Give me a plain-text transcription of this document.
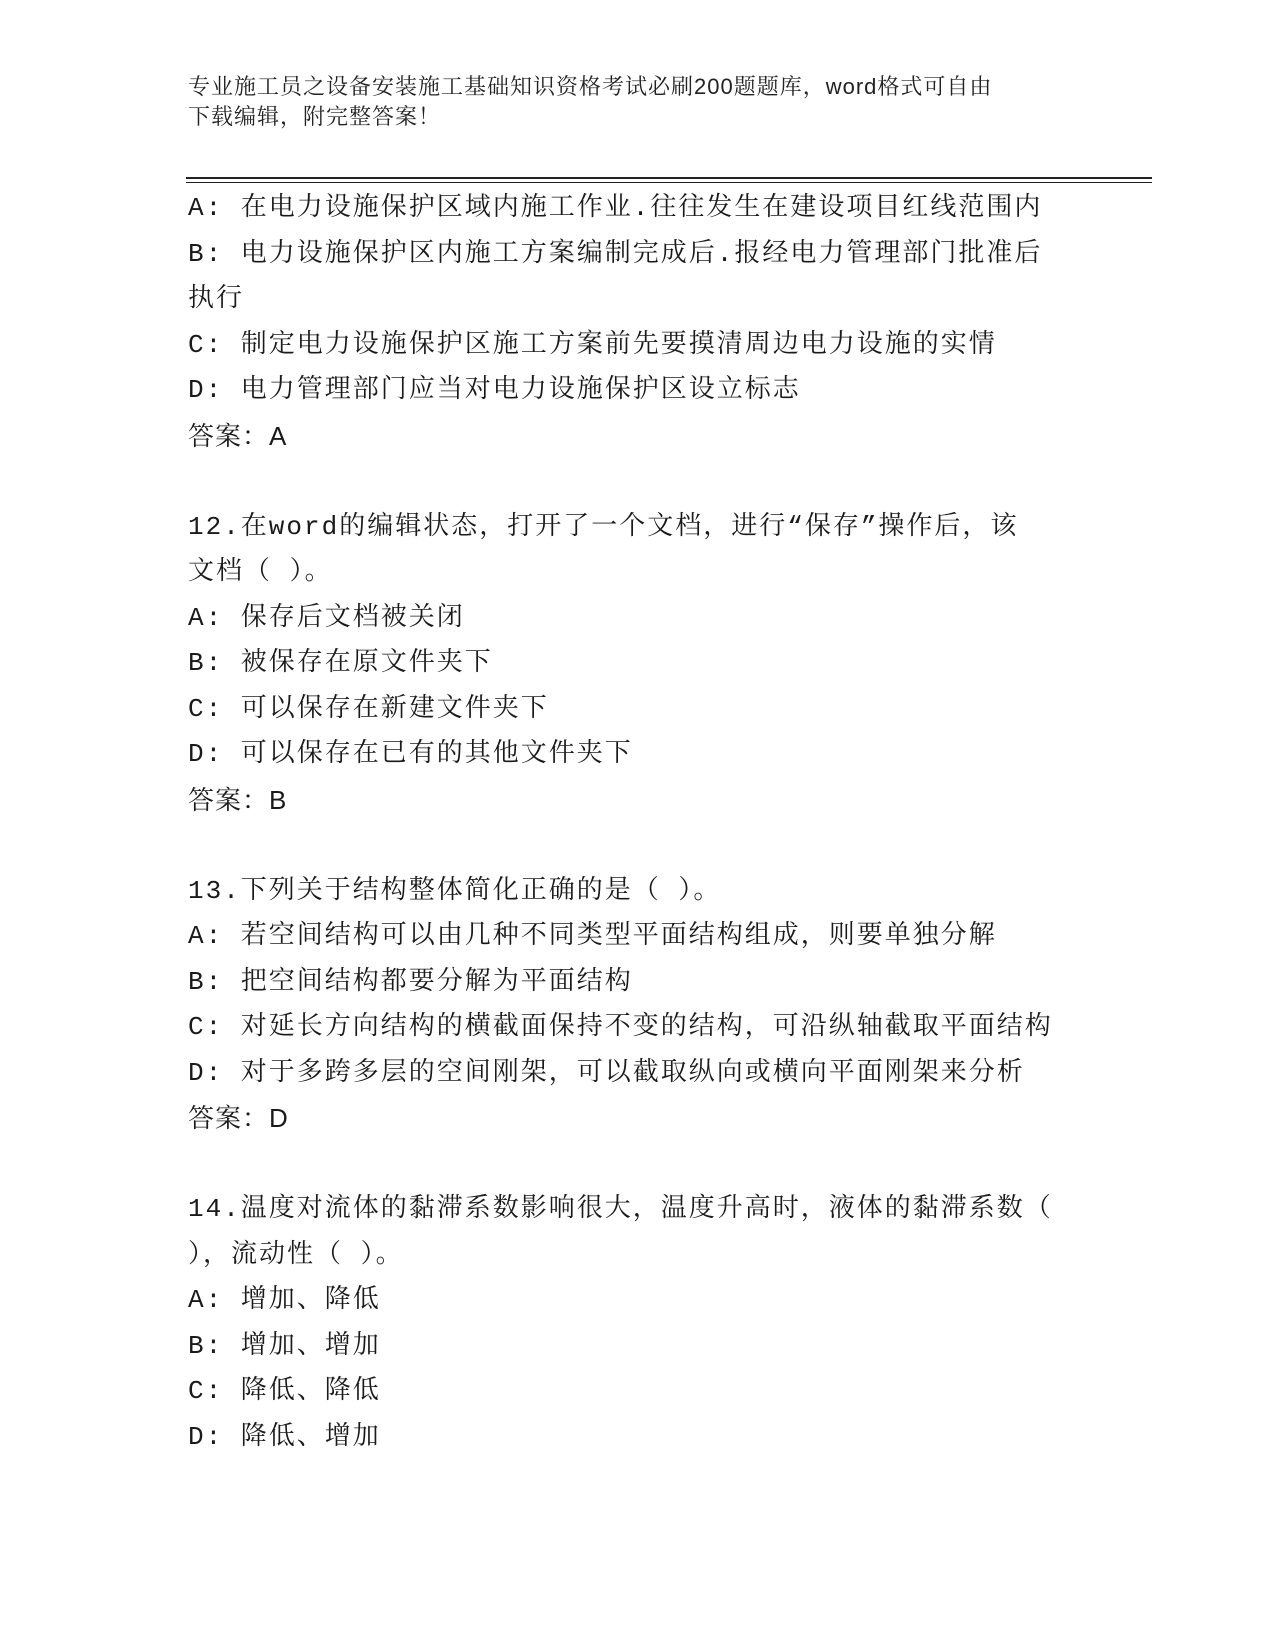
专业施工员之设备安装施工基础知识资格考试必刷200题题库，word格式可自由
下载编辑，附完整答案！
A: 在电力设施保护区域内施工作业.往往发生在建设项目红线范围内
B: 电力设施保护区内施工方案编制完成后.报经电力管理部门批准后
执行
C: 制定电力设施保护区施工方案前先要摸清周边电力设施的实情
D: 电力管理部门应当对电力设施保护区设立标志
答案：A
12.在word的编辑状态，打开了一个文档，进行“保存”操作后，该
文档（ ）。
A: 保存后文档被关闭
B: 被保存在原文件夹下
C: 可以保存在新建文件夹下
D: 可以保存在已有的其他文件夹下
答案：B
13.下列关于结构整体简化正确的是（ ）。
A: 若空间结构可以由几种不同类型平面结构组成，则要单独分解
B: 把空间结构都要分解为平面结构
C: 对延长方向结构的横截面保持不变的结构，可沿纵轴截取平面结构
D: 对于多跨多层的空间刚架，可以截取纵向或横向平面刚架来分析
答案：D
14.温度对流体的黏滞系数影响很大，温度升高时，液体的黏滞系数（
），流动性（ ）。
A: 增加、降低
B: 增加、增加
C: 降低、降低
D: 降低、增加
